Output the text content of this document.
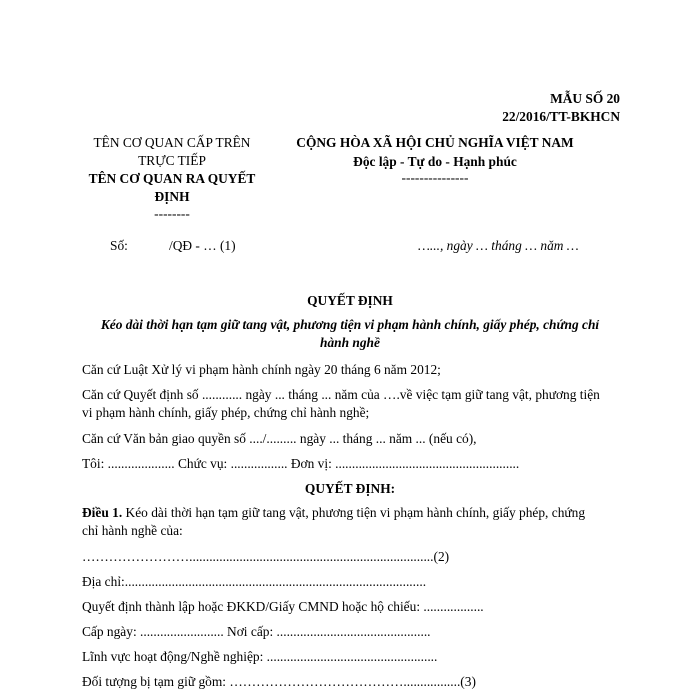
MẪU SỐ 20
22/2016/TT-BKHCN
TÊN CƠ QUAN CẤP TRÊN
TRỰC TIẾP
TÊN CƠ QUAN RA QUYẾT
ĐỊNH
--------
CỘNG HÒA XÃ HỘI CHỦ NGHĨA VIỆT NAM
Độc lập - Tự do - Hạnh phúc
---------------
Số:	/QĐ - … (1)	…..., ngày … tháng … năm …
QUYẾT ĐỊNH
Kéo dài thời hạn tạm giữ tang vật, phương tiện vi phạm hành chính, giấy phép, chứng chỉ
hành nghề
Căn cứ Luật Xử lý vi phạm hành chính ngày 20 tháng 6 năm 2012;
Căn cứ Quyết định số ............ ngày ... tháng ... năm của ….về việc tạm giữ tang vật, phương tiện
vi phạm hành chính, giấy phép, chứng chỉ hành nghề;
Căn cứ Văn bản giao quyền số ..../......... ngày ... tháng ... năm ... (nếu có),
Tôi: .................... Chức vụ: ................. Đơn vị: .......................................................
QUYẾT ĐỊNH:
Điều 1. Kéo dài thời hạn tạm giữ tang vật, phương tiện vi phạm hành chính, giấy phép, chứng
chỉ hành nghề của:
…………………….........................................................................(2)
Địa chỉ:..........................................................................................
Quyết định thành lập hoặc ĐKKD/Giấy CMND hoặc hộ chiếu: ..................
Cấp ngày: ......................... Nơi cấp: ..............................................
Lĩnh vực hoạt động/Nghề nghiệp: ...................................................
Đối tượng bị tạm giữ gồm: ………………………………….................(3)
